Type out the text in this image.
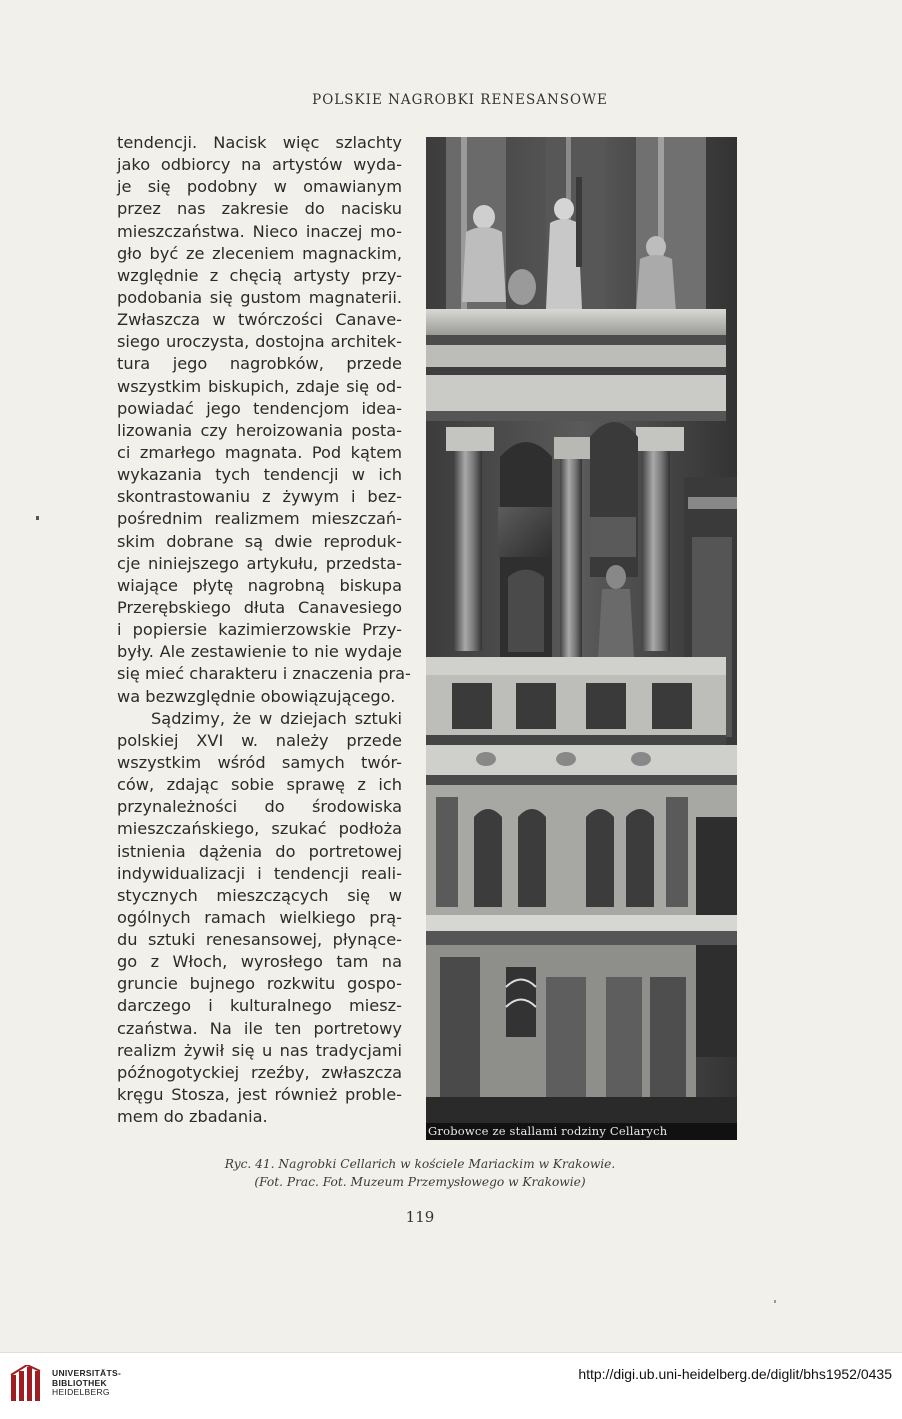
POLSKIE NAGROBKI RENESANSOWE
tendencji. Nacisk więc szlachty
jako odbiorcy na artystów wyda-
je się podobny w omawianym
przez nas zakresie do nacisku
mieszczaństwa. Nieco inaczej mo-
gło być ze zleceniem magnackim,
względnie z chęcią artysty przy-
podobania się gustom magnaterii.
Zwłaszcza w twórczości Canave-
siego uroczysta, dostojna architek-
tura jego nagrobków, przede
wszystkim biskupich, zdaje się od-
powiadać jego tendencjom idea-
lizowania czy heroizowania posta-
ci zmarłego magnata. Pod kątem
wykazania tych tendencji w ich
skontrastowaniu z żywym i bez-
pośrednim realizmem mieszczań-
skim dobrane są dwie reproduk-
cje niniejszego artykułu, przedsta-
wiające płytę nagrobną biskupa
Przerębskiego dłuta Canavesiego
i popiersie kazimierzowskie Przy-
były. Ale zestawienie to nie wydaje
się mieć charakteru i znaczenia pra-
wa bezwzględnie obowiązującego.
Sądzimy, że w dziejach sztuki
polskiej XVI w. należy przede
wszystkim wśród samych twór-
ców, zdając sobie sprawę z ich
przynależności do środowiska
mieszczańskiego, szukać podłoża
istnienia dążenia do portretowej
indywidualizacji i tendencji reali-
stycznych mieszczących się w
ogólnych ramach wielkiego prą-
du sztuki renesansowej, płynące-
go z Włoch, wyrosłego tam na
gruncie bujnego rozkwitu gospo-
darczego i kulturalnego miesz-
czaństwa. Na ile ten portretowy
realizm żywił się u nas tradycjami
późnogotyckiej rzeźby, zwłaszcza
kręgu Stosza, jest również proble-
mem do zbadania.
Grobowce ze stallami rodziny Cellarych
Ryc. 41. Nagrobki Cellarich w kościele Mariackim w Krakowie.
(Fot. Prac. Fot. Muzeum Przemysłowego w Krakowie)
119
UNIVERSITÄTS-
BIBLIOTHEK
HEIDELBERG
http://digi.ub.uni-heidelberg.de/diglit/bhs1952/0435
